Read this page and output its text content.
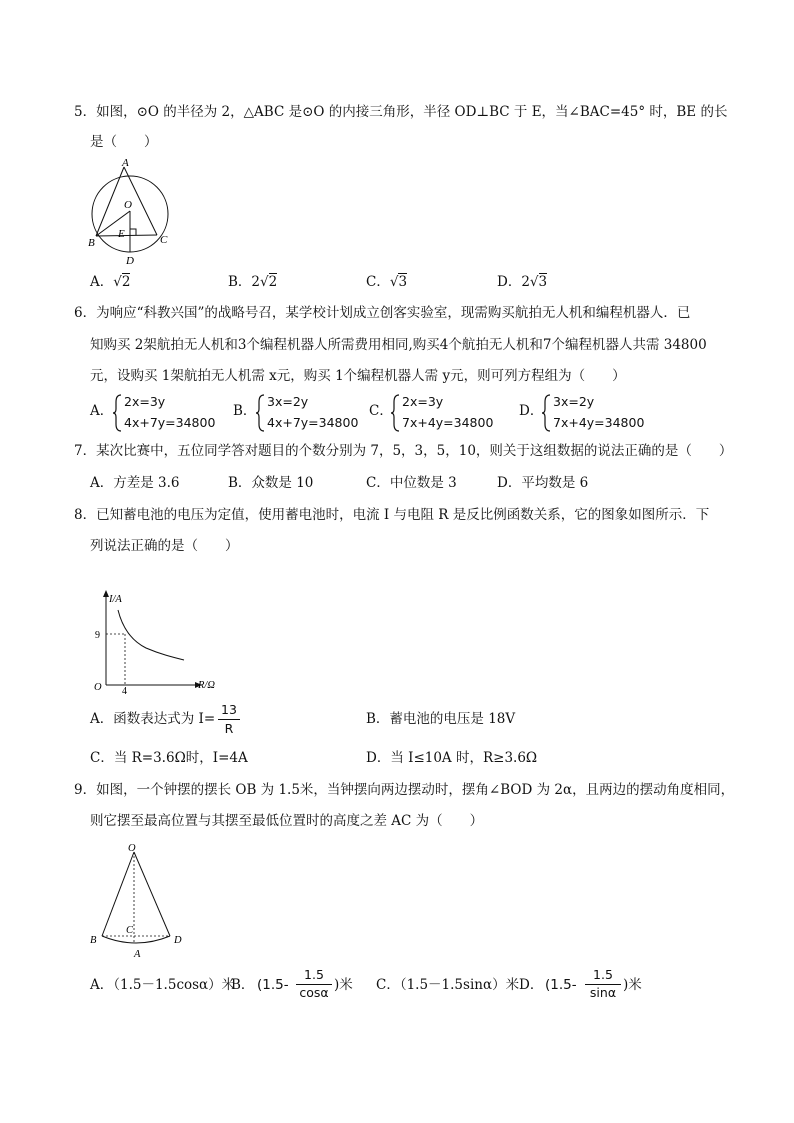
5．如图，⊙O 的半径为 2，△ABC 是⊙O 的内接三角形，半径 OD⊥BC 于 E，当∠BAC=45° 时，BE 的长
是（　　）
A
O
B	C
E
D
A．√2	B．2√2	C．√3	D．2√3
6．为响应“科教兴国”的战略号召，某学校计划成立创客实验室，现需购买航拍无人机和编程机器人．已
知购买 2架航拍无人机和3个编程机器人所需费用相同,购买4个航拍无人机和7个编程机器人共需 34800
元，设购买 1架航拍无人机需 x元，购买 1个编程机器人需 y元，则可列方程组为（　　）
A．
2x=3y
4x+7y=34800
B．
3x=2y
4x+7y=34800
C．
2x=3y
7x+4y=34800
D．
3x=2y
7x+4y=34800
7．某次比赛中，五位同学答对题目的个数分别为 7，5，3，5，10，则关于这组数据的说法正确的是（　　）
A．方差是 3.6	B．众数是 10	C．中位数是 3	D．平均数是 6
8．已知蓄电池的电压为定值，使用蓄电池时，电流 I 与电阻 R 是反比例函数关系，它的图象如图所示．下
列说法正确的是（　　）
I/A
R/Ω
O
9
4
A．函数表达式为 I=
13
R
B．蓄电池的电压是 18V
C．当 R=3.6Ω时，I=4A	D．当 I≤10A 时，R≥3.6Ω
9．如图，一个钟摆的摆长 OB 为 1.5米，当钟摆向两边摆动时，摆角∠BOD 为 2α，且两边的摆动角度相同，
则它摆至最高位置与其摆至最低位置时的高度之差 AC 为（　　）
O
B
C
A
D
A．（1.5－1.5cosα）米
B． (1.5-
1.5
cosα )米 C．（1.5－1.5sinα）米 D． (1.5-
1.5
sinα )米
